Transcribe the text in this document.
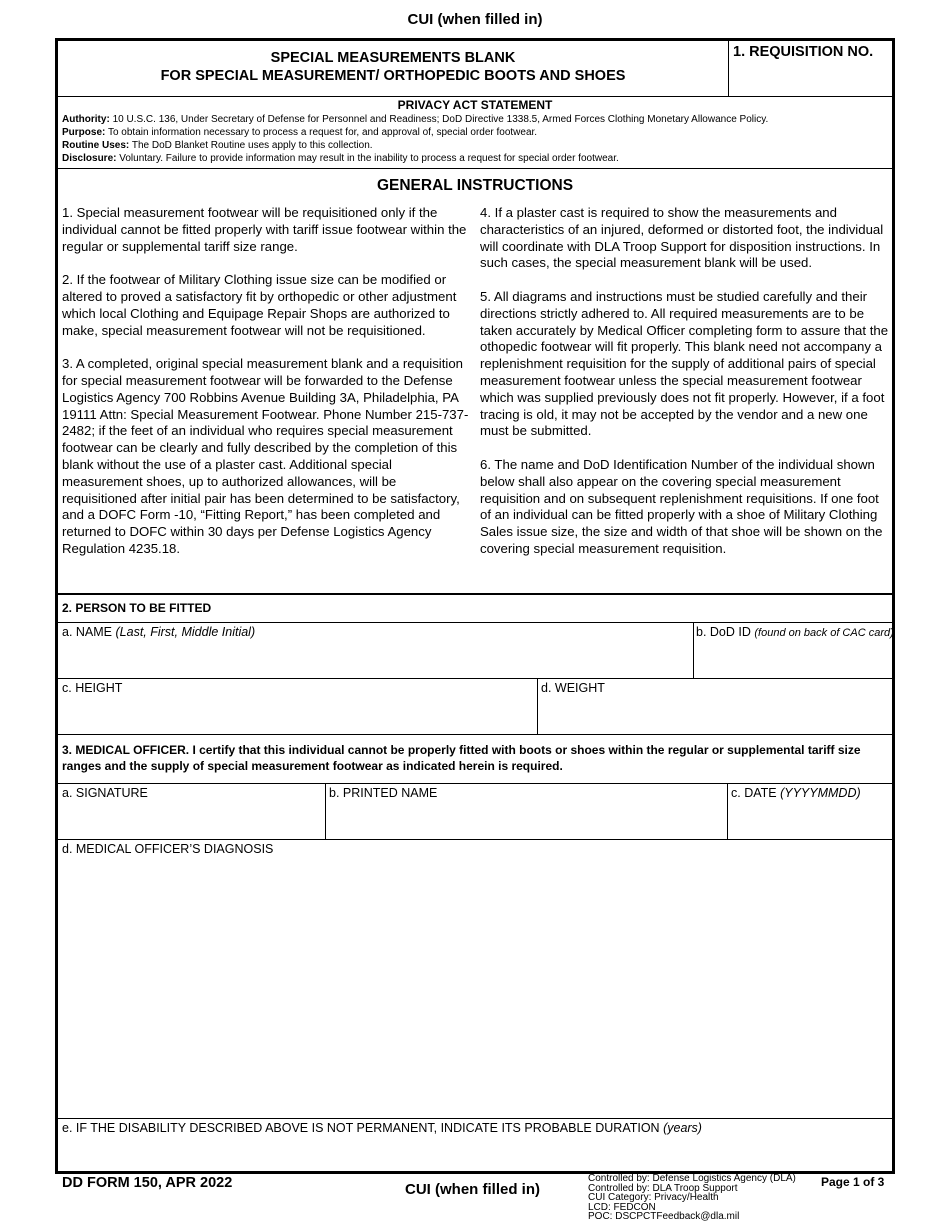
CUI (when filled in)
SPECIAL MEASUREMENTS BLANK
FOR SPECIAL MEASUREMENT/ ORTHOPEDIC BOOTS AND SHOES
1. REQUISITION NO.
PRIVACY ACT STATEMENT
Authority: 10 U.S.C. 136, Under Secretary of Defense for Personnel and Readiness; DoD Directive 1338.5, Armed Forces Clothing Monetary Allowance Policy.
Purpose: To obtain information necessary to process a request for, and approval of, special order footwear.
Routine Uses: The DoD Blanket Routine uses apply to this collection.
Disclosure: Voluntary. Failure to provide information may result in the inability to process a request for special order footwear.
GENERAL INSTRUCTIONS

1. Special measurement footwear will be requisitioned only if the individual cannot be fitted properly with tariff issue footwear within the regular or supplemental tariff size range.

2. If the footwear of Military Clothing issue size can be modified or altered to proved a satisfactory fit by orthopedic or other adjustment which local Clothing and Equipage Repair Shops are authorized to make, special measurement footwear will not be requisitioned.

3. A completed, original special measurement blank and a requisition for special measurement footwear will be forwarded to the Defense Logistics Agency 700 Robbins Avenue Building 3A, Philadelphia, PA 19111 Attn: Special Measurement Footwear. Phone Number 215-737-2482; if the feet of an individual who requires special measurement footwear can be clearly and fully described by the completion of this blank without the use of a plaster cast. Additional special measurement shoes, up to authorized allowances, will be requisitioned after initial pair has been determined to be satisfactory, and a DOFC Form -10, “Fitting Report,” has been completed and returned to DOFC within 30 days per Defense Logistics Agency Regulation 4235.18.

4. If a plaster cast is required to show the measurements and characteristics of an injured, deformed or distorted foot, the individual will coordinate with DLA Troop Support for disposition instructions. In such cases, the special measurement blank will be used.

5. All diagrams and instructions must be studied carefully and their directions strictly adhered to. All required measurements are to be taken accurately by Medical Officer completing form to assure that the othopedic footwear will fit properly. This blank need not accompany a replenishment requisition for the supply of additional pairs of special measurement footwear unless the special measurement footwear which was supplied previously does not fit properly. However, if a foot tracing is old, it may not be accepted by the vendor and a new one must be submitted.

6. The name and DoD Identification Number of the individual shown below shall also appear on the covering special measurement requisition and on subsequent replenishment requisitions. If one foot of an individual can be fitted properly with a shoe of Military Clothing Sales issue size, the size and width of that shoe will be shown on the covering special measurement requisition.

2. PERSON TO BE FITTED
a. NAME (Last, First, Middle Initial)	b. DoD ID (found on back of CAC card)
c. HEIGHT	d. WEIGHT
3. MEDICAL OFFICER. I certify that this individual cannot be properly fitted with boots or shoes within the regular or supplemental tariff size ranges and the supply of special measurement footwear as indicated herein is required.
a. SIGNATURE	b. PRINTED NAME	c. DATE (YYYYMMDD)
d. MEDICAL OFFICER’S DIAGNOSIS
e. IF THE DISABILITY DESCRIBED ABOVE IS NOT PERMANENT, INDICATE ITS PROBABLE DURATION (years)
DD FORM 150, APR 2022	CUI (when filled in)
Controlled by: Defense Logistics Agency (DLA)
Controlled by: DLA Troop Support
CUI Category: Privacy/Health
LCD: FEDCON
POC: DSCPCTFeedback@dla.mil
Page 1 of 3
